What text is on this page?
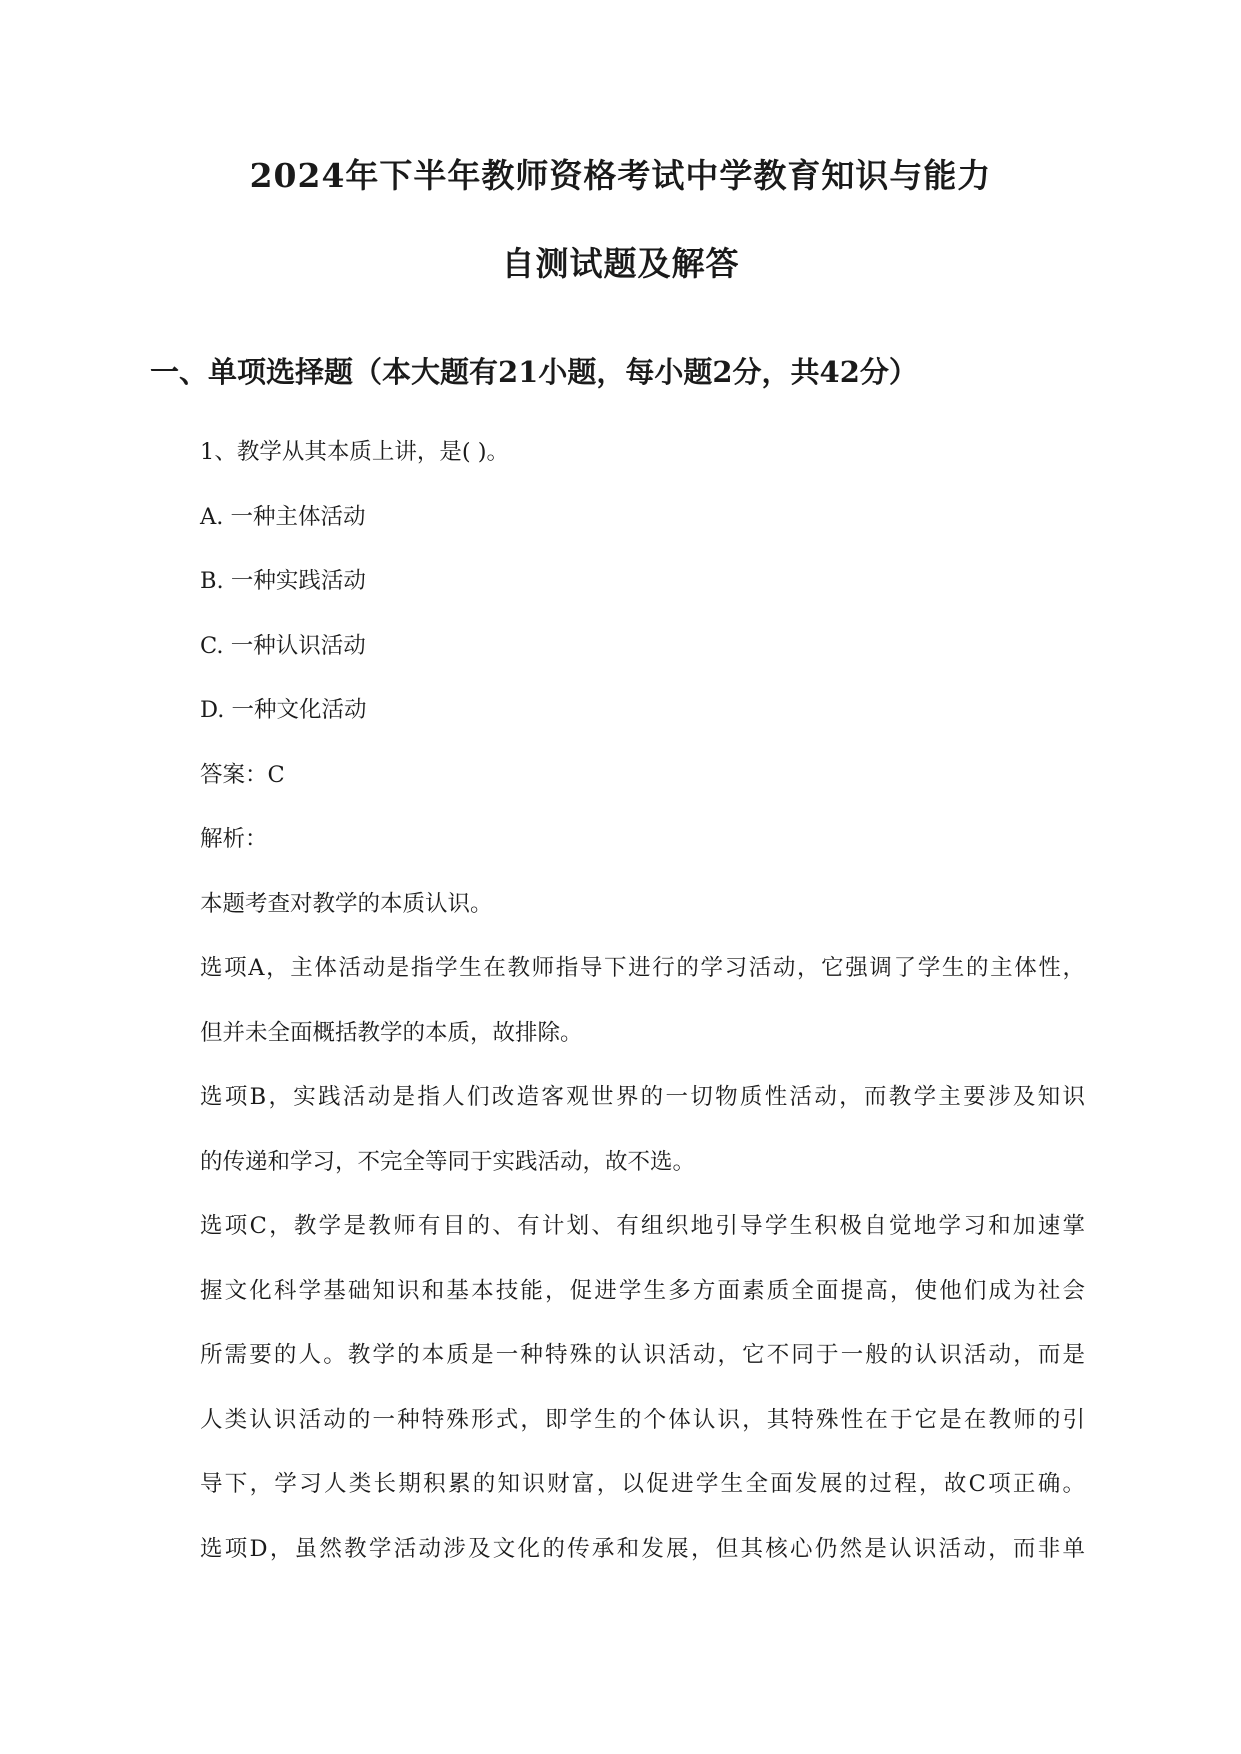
2024年下半年教师资格考试中学教育知识与能力
自测试题及解答
一、单项选择题（本大题有21小题，每小题2分，共42分）
1、教学从其本质上讲，是( )。
A. 一种主体活动
B. 一种实践活动
C. 一种认识活动
D. 一种文化活动
答案：C
解析：
本题考查对教学的本质认识。
选项A，主体活动是指学生在教师指导下进行的学习活动，它强调了学生的主体性，
但并未全面概括教学的本质，故排除。
选项B，实践活动是指人们改造客观世界的一切物质性活动，而教学主要涉及知识
的传递和学习，不完全等同于实践活动，故不选。
选项C，教学是教师有目的、有计划、有组织地引导学生积极自觉地学习和加速掌
握文化科学基础知识和基本技能，促进学生多方面素质全面提高，使他们成为社会
所需要的人。教学的本质是一种特殊的认识活动，它不同于一般的认识活动，而是
人类认识活动的一种特殊形式，即学生的个体认识，其特殊性在于它是在教师的引
导下，学习人类长期积累的知识财富，以促进学生全面发展的过程，故C项正确。
选项D，虽然教学活动涉及文化的传承和发展，但其核心仍然是认识活动，而非单
